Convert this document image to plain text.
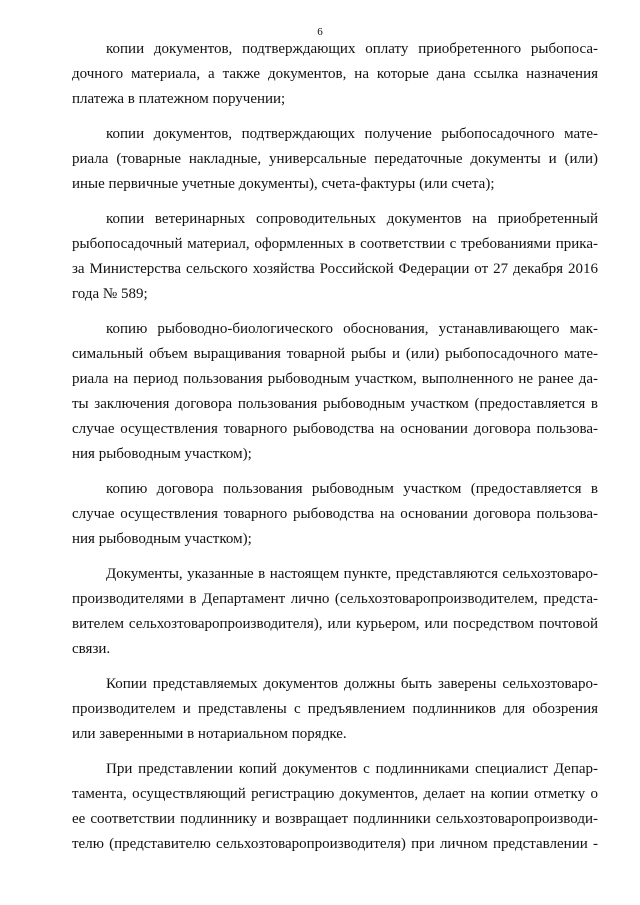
6
копии документов, подтверждающих оплату приобретенного рыбопоса-
дочного материала, а также документов, на которые дана ссылка назначения
платежа в платежном поручении;
копии документов, подтверждающих получение рыбопосадочного мате-
риала (товарные накладные, универсальные передаточные документы и (или)
иные первичные учетные документы), счета-фактуры (или счета);
копии ветеринарных сопроводительных документов на приобретенный
рыбопосадочный материал, оформленных в соответствии с требованиями прика-
за Министерства сельского хозяйства Российской Федерации от 27 декабря 2016
года № 589;
копию рыбоводно-биологического обоснования, устанавливающего мак-
симальный объем выращивания товарной рыбы и (или) рыбопосадочного мате-
риала на период пользования рыбоводным участком, выполненного не ранее да-
ты заключения договора пользования рыбоводным участком (предоставляется в
случае осуществления товарного рыбоводства на основании договора пользова-
ния рыбоводным участком);
копию договора пользования рыбоводным участком (предоставляется в
случае осуществления товарного рыбоводства на основании договора пользова-
ния рыбоводным участком);
Документы, указанные в настоящем пункте, представляются сельхозтоваро-
производителями в Департамент лично (сельхозтоваропроизводителем, предста-
вителем сельхозтоваропроизводителя), или курьером, или посредством почтовой
связи.
Копии представляемых документов должны быть заверены сельхозтоваро-
производителем и представлены с предъявлением подлинников для обозрения
или заверенными в нотариальном порядке.
При представлении копий документов с подлинниками специалист Депар-
тамента, осуществляющий регистрацию документов, делает на копии отметку о
ее соответствии подлиннику и возвращает подлинники сельхозтоваропроизводи-
телю (представителю сельхозтоваропроизводителя) при личном представлении -
